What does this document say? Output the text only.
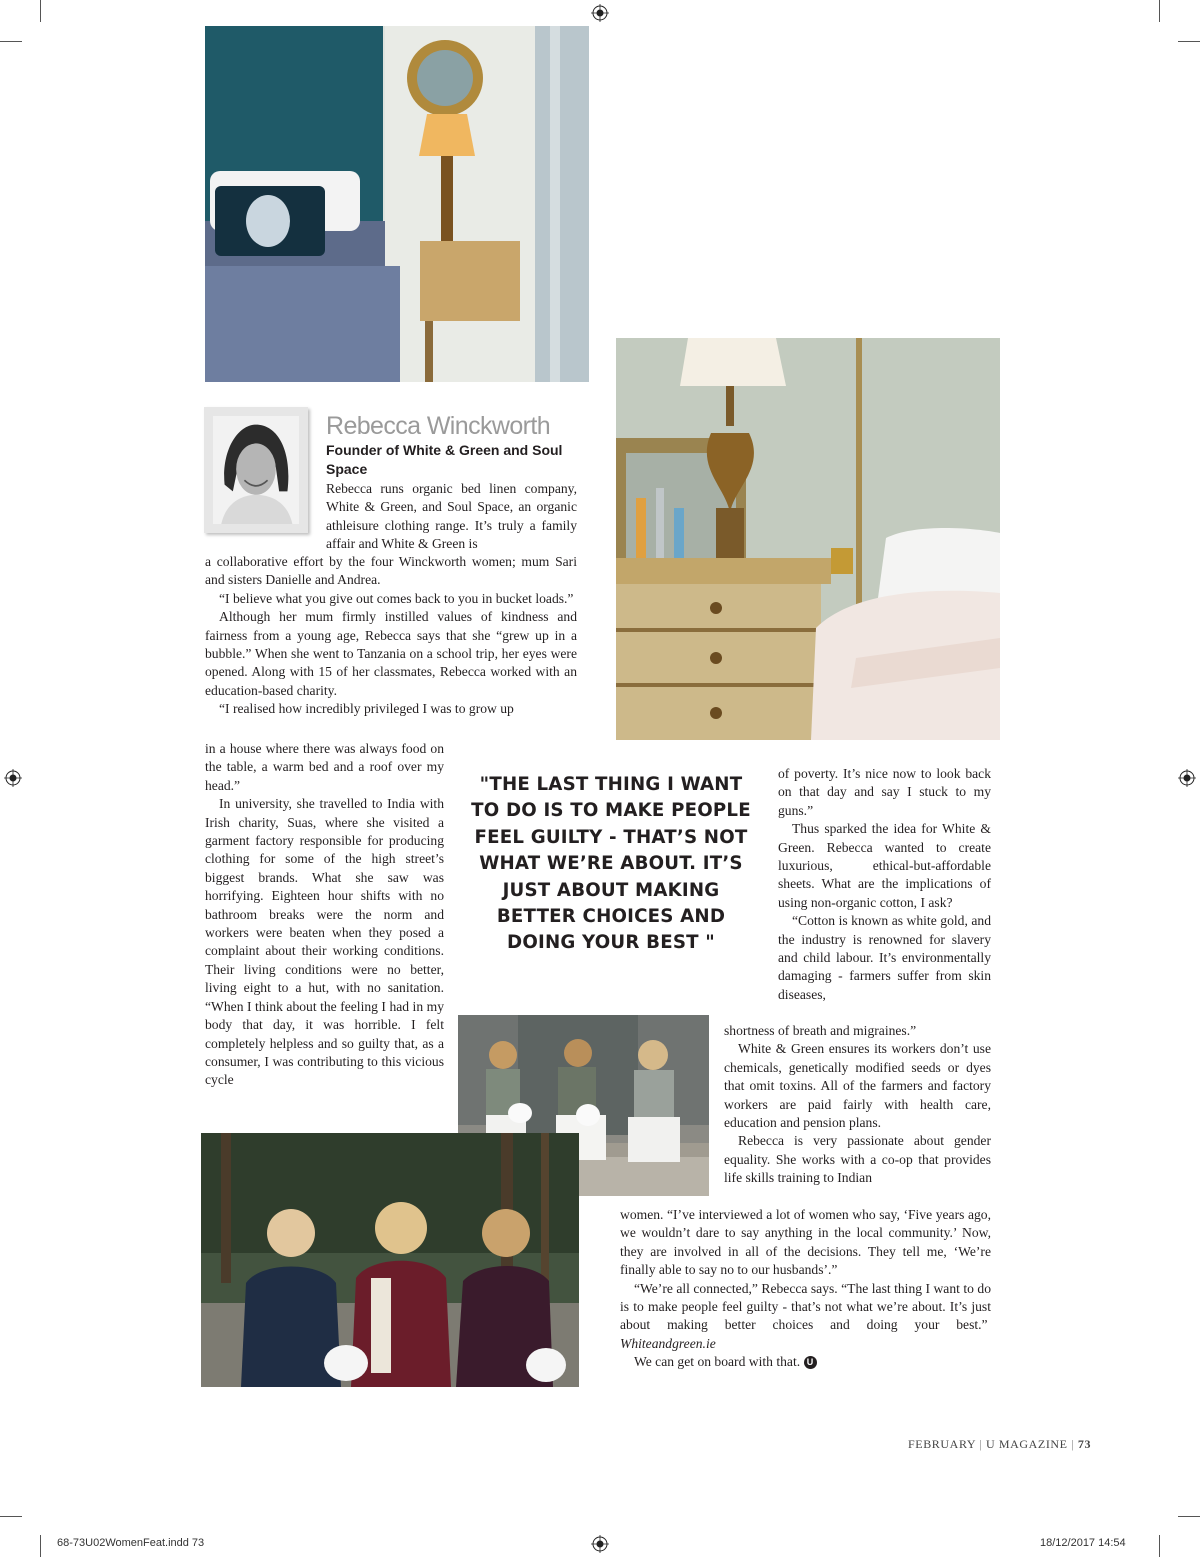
Rebecca Winckworth
Founder of White & Green and Soul Space

Rebecca runs organic bed linen company, White & Green, and Soul Space, an organic athleisure clothing range. It’s truly a family affair and White & Green is

a collaborative effort by the four Winckworth women; mum Sari and sisters Danielle and Andrea.

“I believe what you give out comes back to you in bucket loads.”

Although her mum firmly instilled values of kindness and fairness from a young age, Rebecca says that she “grew up in a bubble.” When she went to Tanzania on a school trip, her eyes were opened. Along with 15 of her classmates, Rebecca worked with an education-based charity.

“I realised how incredibly privileged I was to grow up

in a house where there was always food on the table, a warm bed and a roof over my head.”

In university, she travelled to India with Irish charity, Suas, where she visited a garment factory responsible for producing clothing for some of the high street’s biggest brands. What she saw was horrifying. Eighteen hour shifts with no bathroom breaks were the norm and workers were beaten when they posed a complaint about their working conditions. Their living conditions were no better, living eight to a hut, with no sanitation. “When I think about the feeling I had in my body that day, it was horrible. I felt completely helpless and so guilty that, as a consumer, I was contributing to this vicious cycle

"THE LAST THING I WANT TO DO IS TO MAKE PEOPLE FEEL GUILTY - THAT’S NOT WHAT WE’RE ABOUT. IT’S JUST ABOUT MAKING BETTER CHOICES AND DOING YOUR BEST "

of poverty. It’s nice now to look back on that day and say I stuck to my guns.”

Thus sparked the idea for White & Green. Rebecca wanted to create luxurious, ethical-but-affordable sheets. What are the implications of using non-organic cotton, I ask?

“Cotton is known as white gold, and the industry is renowned for slavery and child labour. It’s environmentally damaging - farmers suffer from skin diseases,

shortness of breath and migraines.”

White & Green ensures its workers don’t use chemicals, genetically modified seeds or dyes that omit toxins. All of the farmers and factory workers are paid fairly with health care, education and pension plans.

Rebecca is very passionate about gender equality. She works with a co-op that provides life skills training to Indian

women. “I’ve interviewed a lot of women who say, ‘Five years ago, we wouldn’t dare to say anything in the local community.’ Now, they are involved in all of the decisions. They tell me, ‘We’re finally able to say no to our husbands’.”

“We’re all connected,” Rebecca says. “The last thing I want to do is to make people feel guilty - that’s not what we’re about. It’s just about making better choices and doing your best.”  Whiteandgreen.ie

We can get on board with that. U

FEBRUARY | U MAGAZINE | 73
68-73U02WomenFeat.indd 73	18/12/2017 14:54
